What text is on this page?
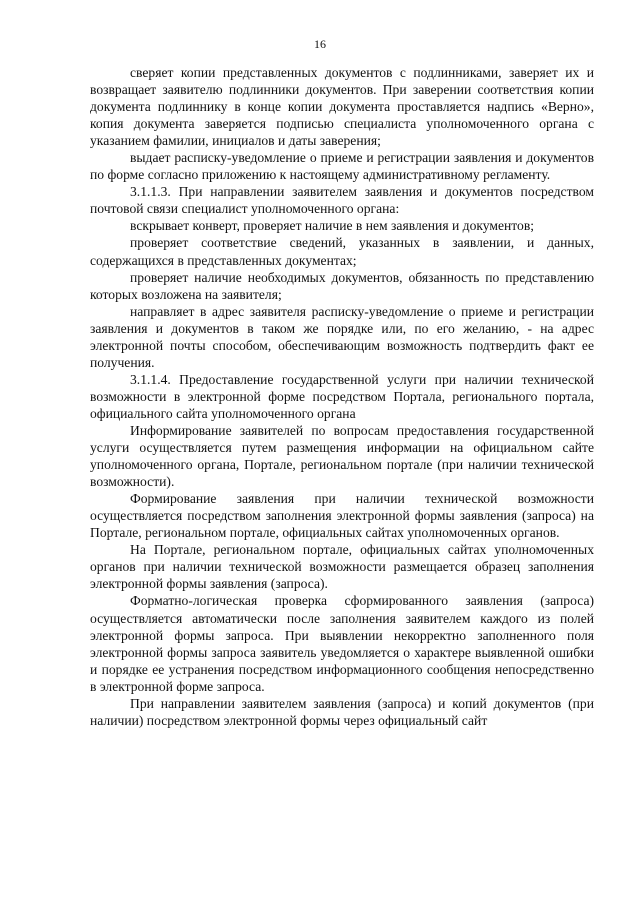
16

сверяет копии представленных документов с подлинниками, заверяет их и возвращает заявителю подлинники документов. При заверении соответствия копии документа подлиннику в конце копии документа проставляется надпись «Верно», копия документа заверяется подписью специалиста уполномоченного органа с указанием фамилии, инициалов и даты заверения;

выдает расписку-уведомление о приеме и регистрации заявления и документов по форме согласно приложению к настоящему административному регламенту.

3.1.1.3. При направлении заявителем заявления и документов посредством почтовой связи специалист уполномоченного органа:

вскрывает конверт, проверяет наличие в нем заявления и документов;

проверяет соответствие сведений, указанных в заявлении, и данных, содержащихся в представленных документах;

проверяет наличие необходимых документов, обязанность по представлению которых возложена на заявителя;

направляет в адрес заявителя расписку-уведомление о приеме и регистрации заявления и документов в таком же порядке или, по его желанию, - на адрес электронной почты способом, обеспечивающим возможность подтвердить факт ее получения.

3.1.1.4. Предоставление государственной услуги при наличии технической возможности в электронной форме посредством Портала, регионального портала, официального сайта уполномоченного органа

Информирование заявителей по вопросам предоставления государственной услуги осуществляется путем размещения информации на официальном сайте уполномоченного органа, Портале, региональном портале (при наличии технической возможности).

Формирование заявления при наличии технической возможности осуществляется посредством заполнения электронной формы заявления (запроса) на Портале, региональном портале, официальных сайтах уполномоченных органов.

На Портале, региональном портале, официальных сайтах уполномоченных органов при наличии технической возможности размещается образец заполнения электронной формы заявления (запроса).

Форматно-логическая проверка сформированного заявления (запроса) осуществляется автоматически после заполнения заявителем каждого из полей электронной формы запроса. При выявлении некорректно заполненного поля электронной формы запроса заявитель уведомляется о характере выявленной ошибки и порядке ее устранения посредством информационного сообщения непосредственно в электронной форме запроса.

При направлении заявителем заявления (запроса) и копий документов (при наличии) посредством электронной формы через официальный сайт
